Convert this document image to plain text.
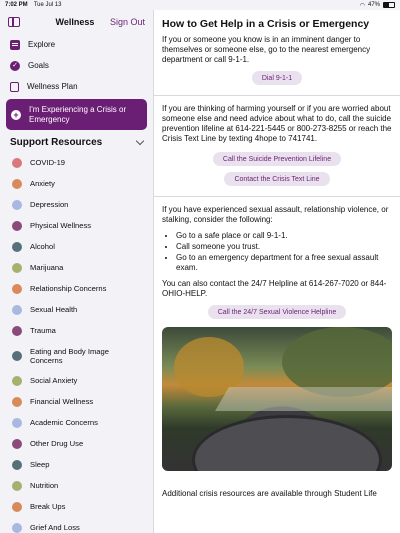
7:02 PM Tue Jul 13	◠ 47%
Wellness	Sign Out
Explore
✓ Goals
Wellness Plan
+
I'm Experiencing a Crisis or Emergency
Support Resources
COVID-19
Anxiety
Depression
Physical Wellness
Alcohol
Marijuana
Relationship Concerns
Sexual Health
Trauma
Eating and Body Image Concerns
Social Anxiety
Financial Wellness
Academic Concerns
Other Drug Use
Sleep
Nutrition
Break Ups
Grief And Loss
How to Get Help in a Crisis or Emergency

If you or someone you know is in an imminent danger to themselves or someone else, go to the nearest emergency department or call 9-1-1.

Dial 9-1-1

If you are thinking of harming yourself or if you are worried about someone else and need advice about what to do, call the suicide prevention lifeline at 614-221-5445 or 800-273-8255 or reach the Crisis Text Line by texting 4hope to 741741.

Call the Suicide Prevention Lifeline
Contact the Crisis Text Line

If you have experienced sexual assault, relationship violence, or stalking, consider the following:

• Go to a safe place or call 9-1-1.
• Call someone you trust.
• Go to an emergency department for a free sexual assault exam.

You can also contact the 24/7 Helpline at 614-267-7020 or 844-OHIO-HELP.

Call the 24/7 Sexual Violence Helpline

Additional crisis resources are available through Student Life
